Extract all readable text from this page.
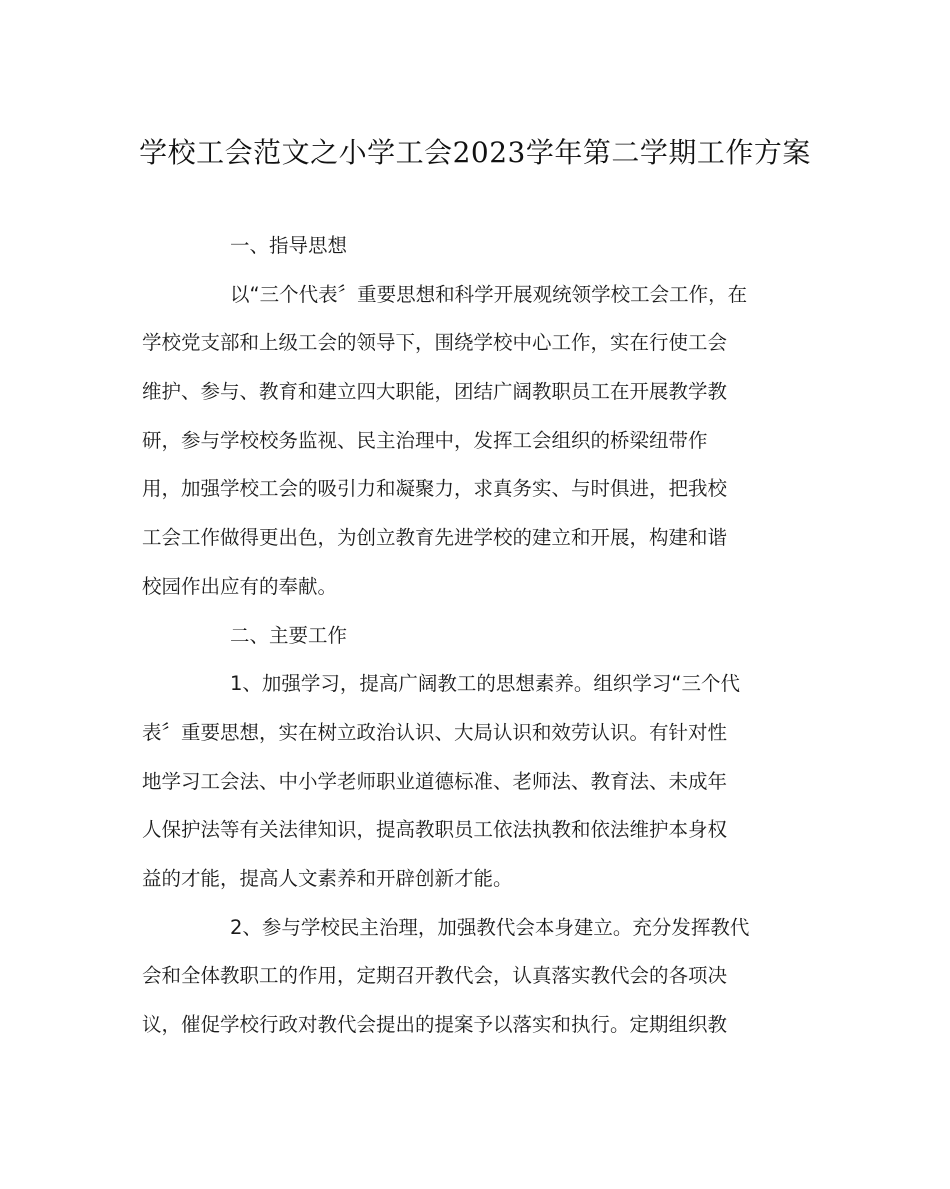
学校工会范文之小学工会2023学年第二学期工作方案
一、指导思想
以“三个代表〞重要思想和科学开展观统领学校工会工作，在
学校党支部和上级工会的领导下，围绕学校中心工作，实在行使工会
维护、参与、教育和建立四大职能，团结广阔教职员工在开展教学教
研，参与学校校务监视、民主治理中，发挥工会组织的桥梁纽带作
用，加强学校工会的吸引力和凝聚力，求真务实、与时俱进，把我校
工会工作做得更出色，为创立教育先进学校的建立和开展，构建和谐
校园作出应有的奉献。
二、主要工作
1、加强学习，提高广阔教工的思想素养。组织学习“三个代
表〞重要思想，实在树立政治认识、大局认识和效劳认识。有针对性
地学习工会法、中小学老师职业道德标准、老师法、教育法、未成年
人保护法等有关法律知识，提高教职员工依法执教和依法维护本身权
益的才能，提高人文素养和开辟创新才能。
2、参与学校民主治理，加强教代会本身建立。充分发挥教代
会和全体教职工的作用，定期召开教代会，认真落实教代会的各项决
议，催促学校行政对教代会提出的提案予以落实和执行。定期组织教
